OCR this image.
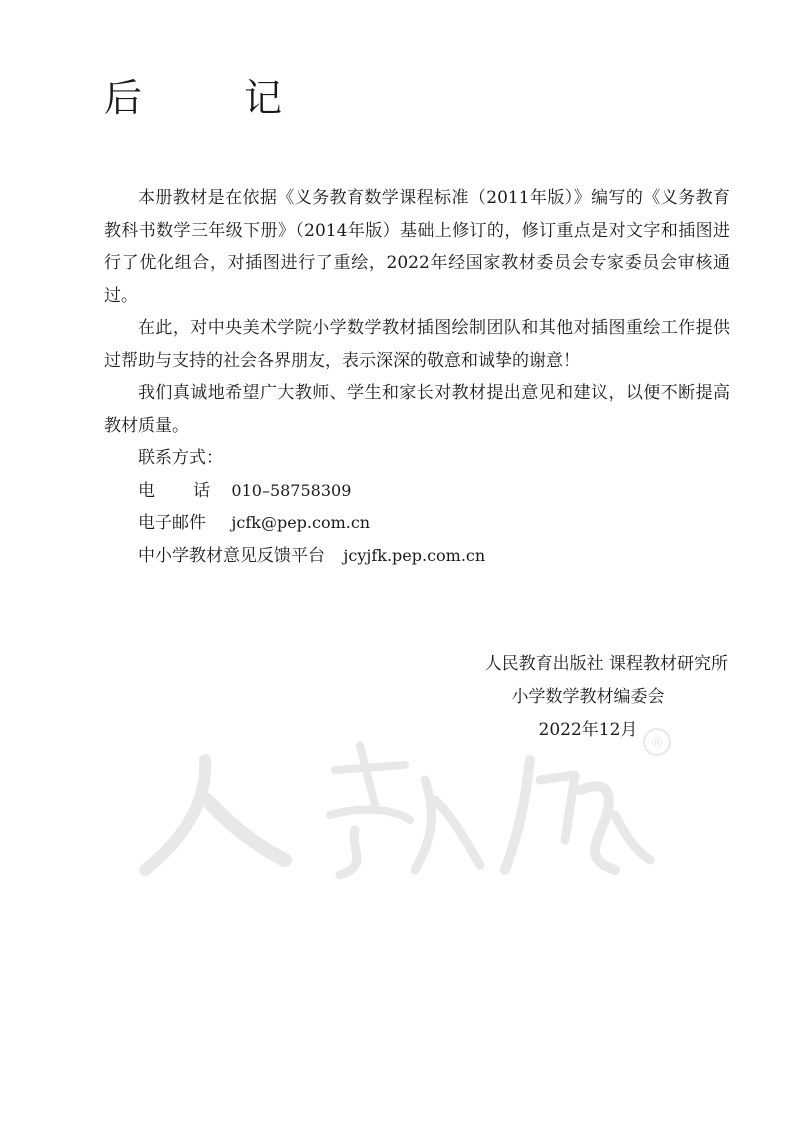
后　记

本册教材是在依据《义务教育数学课程标准（2011年版）》编写的《义务教育教科书数学三年级下册》（2014年版）基础上修订的，修订重点是对文字和插图进行了优化组合，对插图进行了重绘，2022年经国家教材委员会专家委员会审核通过。

在此，对中央美术学院小学数学教材插图绘制团队和其他对插图重绘工作提供过帮助与支持的社会各界朋友，表示深深的敬意和诚挚的谢意！

我们真诚地希望广大教师、学生和家长对教材提出意见和建议，以便不断提高教材质量。

联系方式：
电话 010–58758309
电子邮件 jcfk@pep.com.cn
中小学教材意见反馈平台 jcyjfk.pep.com.cn
®
人民教育出版社 课程教材研究所
小学数学教材编委会
2022年12月
